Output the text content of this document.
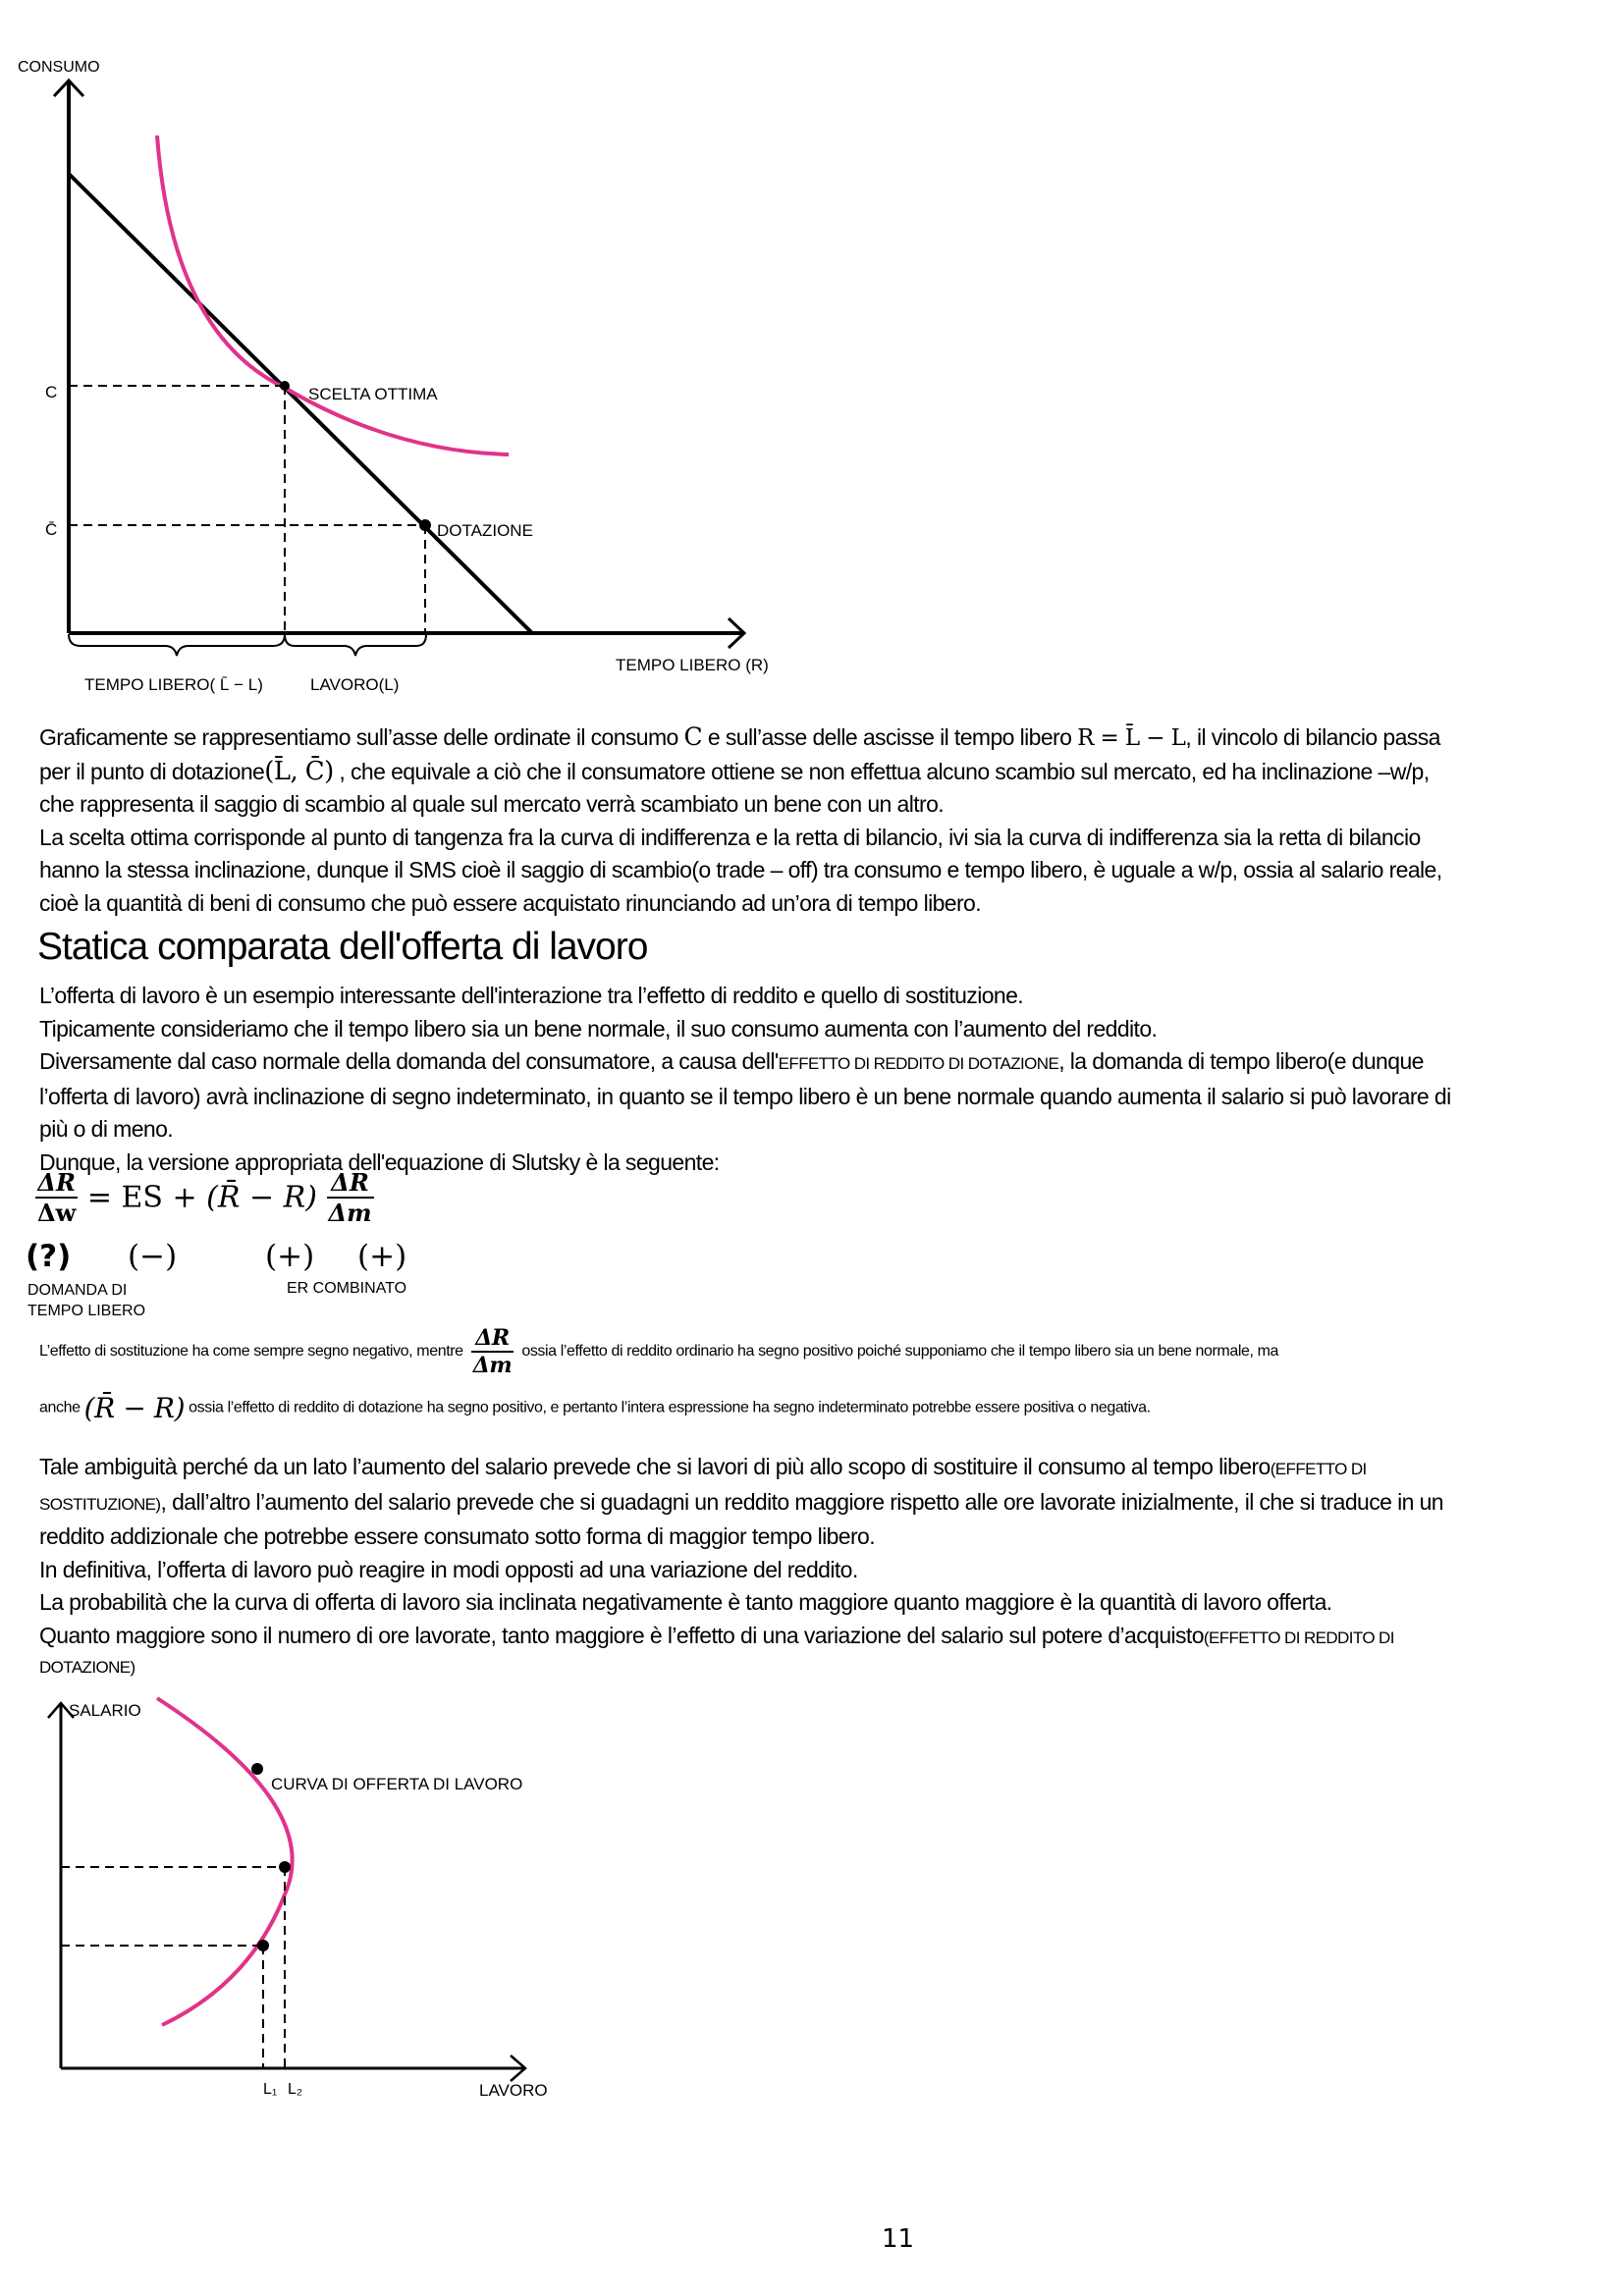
CONSUMO
C
C̄
SCELTA OTTIMA
DOTAZIONE
TEMPO LIBERO (R)
TEMPO LIBERO( L̄ − L)	LAVORO(L)

Graficamente se rappresentiamo sull’asse delle ordinate il consumo C e sull’asse delle ascisse il tempo libero R = L̄ − L, il vincolo di bilancio passa

per il punto di dotazione(L̄, C̄) , che equivale a ciò che il consumatore ottiene se non effettua alcuno scambio sul mercato, ed ha inclinazione –w/p,

che rappresenta il saggio di scambio al quale sul mercato verrà scambiato un bene con un altro.

La scelta ottima corrisponde al punto di tangenza fra la curva di indifferenza e la retta di bilancio, ivi sia la curva di indifferenza sia la retta di bilancio

hanno la stessa inclinazione, dunque il SMS cioè il saggio di scambio(o trade – off) tra consumo e tempo libero, è uguale a w/p, ossia al salario reale,

cioè la quantità di beni di consumo che può essere acquistato rinunciando ad un’ora di tempo libero.

Statica comparata dell'offerta di lavoro

L’offerta di lavoro è un esempio interessante dell'interazione tra l’effetto di reddito e quello di sostituzione.

Tipicamente consideriamo che il tempo libero sia un bene normale, il suo consumo aumenta con l’aumento del reddito.

Diversamente dal caso normale della domanda del consumatore, a causa dell'EFFETTO DI REDDITO DI DOTAZIONE, la domanda di tempo libero(e dunque

l’offerta di lavoro) avrà inclinazione di segno indeterminato, in quanto se il tempo libero è un bene normale quando aumenta il salario si può lavorare di

più o di meno.

Dunque, la versione appropriata dell'equazione di Slutsky è la seguente:

$\frac{\Delta R}{\Delta w}$ = ES + (R̄ − $R) \frac{\Delta R}{\Delta m}$
(?) (−)	(+) (+)
DOMANDA DI
TEMPO LIBERO
ER COMBINATO
L’effetto di sostituzione ha come sempre segno negativo, mentre $\frac{\Delta R}{\Delta m}$ ossia l’effetto di reddito ordinario ha segno positivo poiché supponiamo che il tempo libero sia un bene normale, ma
anche (R̄ − R) ossia l’effetto di reddito di dotazione ha segno positivo, e pertanto l’intera espressione ha segno indeterminato potrebbe essere positiva o negativa.

Tale ambiguità perché da un lato l’aumento del salario prevede che si lavori di più allo scopo di sostituire il consumo al tempo libero(EFFETTO DI

SOSTITUZIONE), dall’altro l’aumento del salario prevede che si guadagni un reddito maggiore rispetto alle ore lavorate inizialmente, il che si traduce in un

reddito addizionale che potrebbe essere consumato sotto forma di maggior tempo libero.

In definitiva, l’offerta di lavoro può reagire in modi opposti ad una variazione del reddito.

La probabilità che la curva di offerta di lavoro sia inclinata negativamente è tanto maggiore quanto maggiore è la quantità di lavoro offerta.

Quanto maggiore sono il numero di ore lavorate, tanto maggiore è l’effetto di una variazione del salario sul potere d’acquisto(EFFETTO DI REDDITO DI

DOTAZIONE)

SALARIO
CURVA DI OFFERTA DI LAVORO
L₁ L₂	LAVORO
11
